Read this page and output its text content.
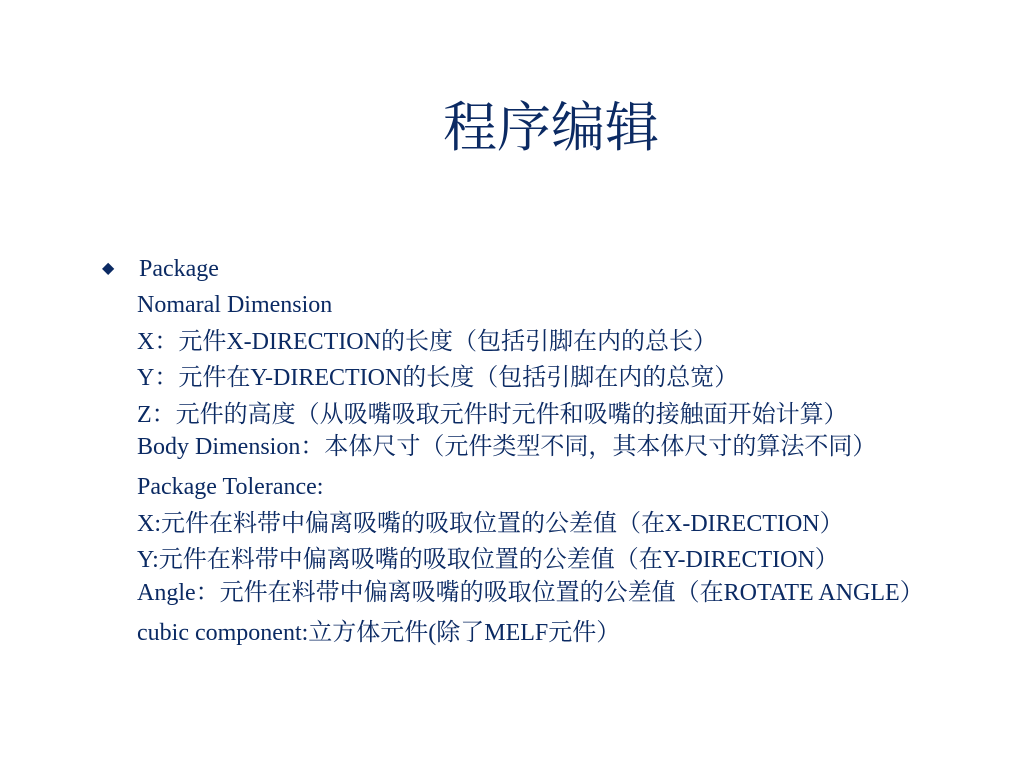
程序编辑
◆	Package
Nomaral Dimension
X：元件X-DIRECTION的长度（包括引脚在内的总长）
Y：元件在Y-DIRECTION的长度（包括引脚在内的总宽）
Z：元件的高度（从吸嘴吸取元件时元件和吸嘴的接触面开始计算）
Body Dimension：本体尺寸（元件类型不同，其本体尺寸的算法不同）
Package Tolerance:
X:元件在料带中偏离吸嘴的吸取位置的公差值（在X-DIRECTION）
Y:元件在料带中偏离吸嘴的吸取位置的公差值（在Y-DIRECTION）
Angle：元件在料带中偏离吸嘴的吸取位置的公差值（在ROTATE ANGLE）
cubic component:立方体元件(除了MELF元件）
